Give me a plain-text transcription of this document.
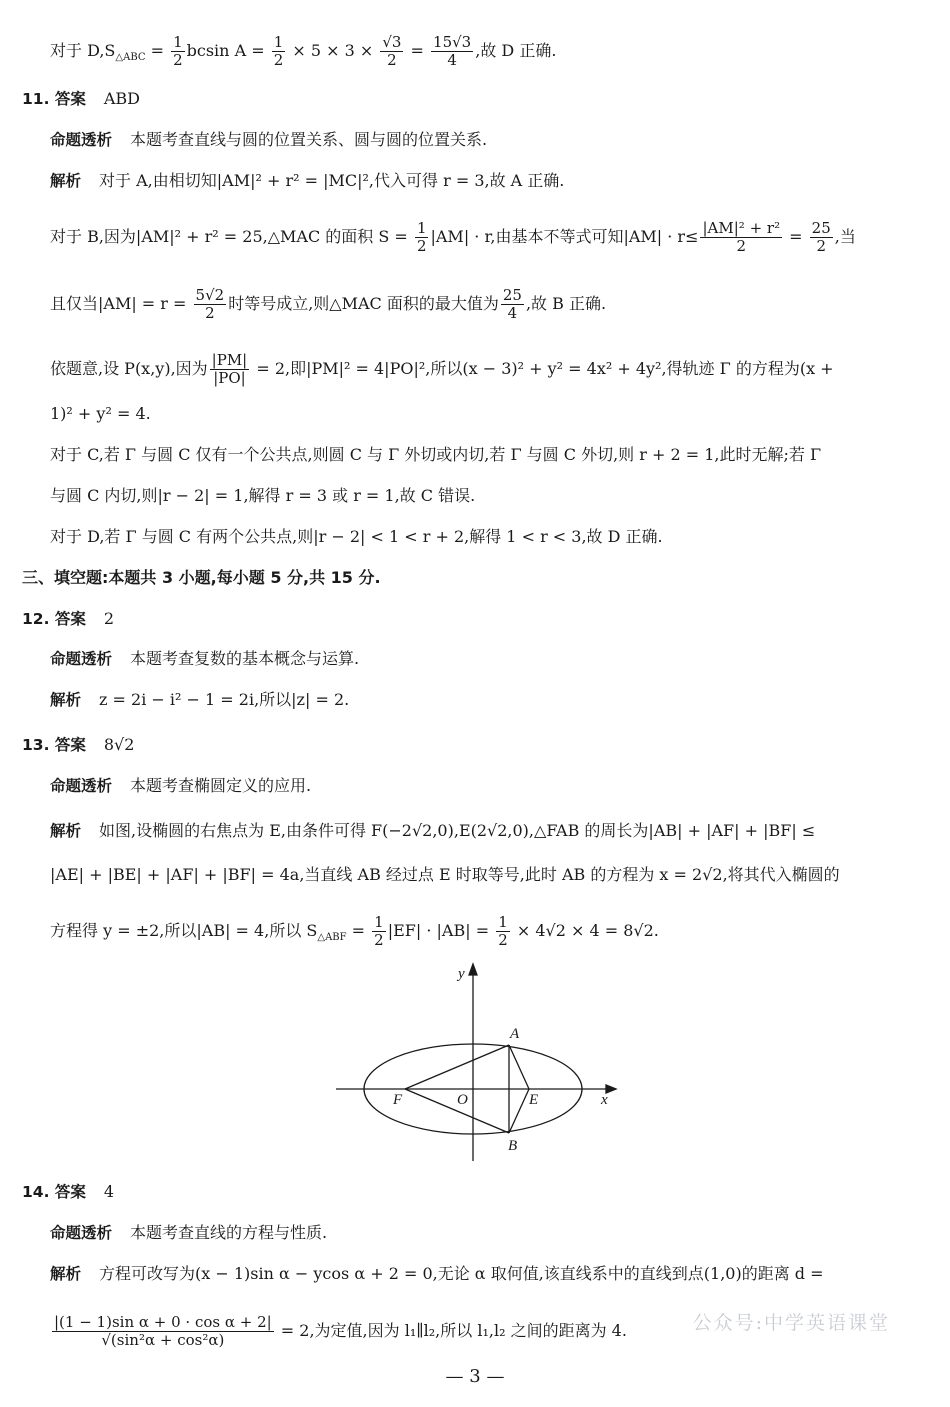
对于 $D,S_{\triangle ABC} = \frac{1}{2}$ bcsin $A = \frac{1}{2} \times 5 \times 3 \times \frac{√3}{2} = \frac{15√3}{4}$ ,故 D 正确.
11. 答案 ABD
命题透析 本题考查直线与圆的位置关系、圆与圆的位置关系.
解析 对于 A,由相切知|AM|² + r² = |MC|²,代入可得 r = 3,故 A 正确.
对于 B,因为|AM|² + r² = 25,△MAC 的面积 $S = \frac{1}{2} |AM| \cdot r$,由基本不等式可知$|AM| \cdot r\le \frac{\text{|AM|² + r²}}{2} = \frac{25}{2}$ ,当
且仅当$|AM| = r = \frac{5√2}{2}$ 时等号成立,则△MAC 面积的最大值为 $\frac{25}{4}$ ,故 B 正确.
依题意,设 P(x,y),因为 $\frac{|PM|}{|PO|} = 2$,即|PM|² = 4|PO|²,所以(x − 3)² + y² = 4x² + 4y²,得轨迹 Γ 的方程为(x +
1)² + y² = 4.
对于 C,若 Γ 与圆 C 仅有一个公共点,则圆 C 与 Γ 外切或内切,若 Γ 与圆 C 外切,则 r + 2 = 1,此时无解;若 Γ
与圆 C 内切,则|r − 2| = 1,解得 r = 3 或 r = 1,故 C 错误.
对于 D,若 Γ 与圆 C 有两个公共点,则|r − 2| < 1 < r + 2,解得 1 < r < 3,故 D 正确.
三、填空题:本题共 3 小题,每小题 5 分,共 15 分.
12. 答案 2
命题透析 本题考查复数的基本概念与运算.
解析 z = 2i − i² − 1 = 2i,所以|z| = 2.
13. 答案 8√2
命题透析 本题考查椭圆定义的应用.
解析 如图,设椭圆的右焦点为 E,由条件可得 F(−2√2,0),E(2√2,0),△FAB 的周长为|AB| + |AF| + |BF| ≤
|AE| + |BE| + |AF| + |BF| = 4a,当直线 AB 经过点 E 时取等号,此时 AB 的方程为 x = 2√2,将其代入椭圆的
方程得 y = ±2,所以|AB| = 4,所以 $S_{\triangle ABF} = \frac{1}{2} |EF| \cdot |AB| = \frac{1}{2} \times 4√2 \times 4 = 8√2$.
y
x
A
B
E
F	O
14. 答案 4
命题透析 本题考查直线的方程与性质.
解析 方程可改写为(x − 1)sin α − ycos α + 2 = 0,无论 α 取何值,该直线系中的直线到点(1,0)的距离 d =
$\frac{\text{|(1 − 1)sin α + 0 · cos α + 2|}}{\text{√(sin²α + cos²α)}} = 2$,为定值,因为 l₁∥l₂,所以 l₁,l₂ 之间的距离为 4.	公众号:中学英语课堂
— 3 —
